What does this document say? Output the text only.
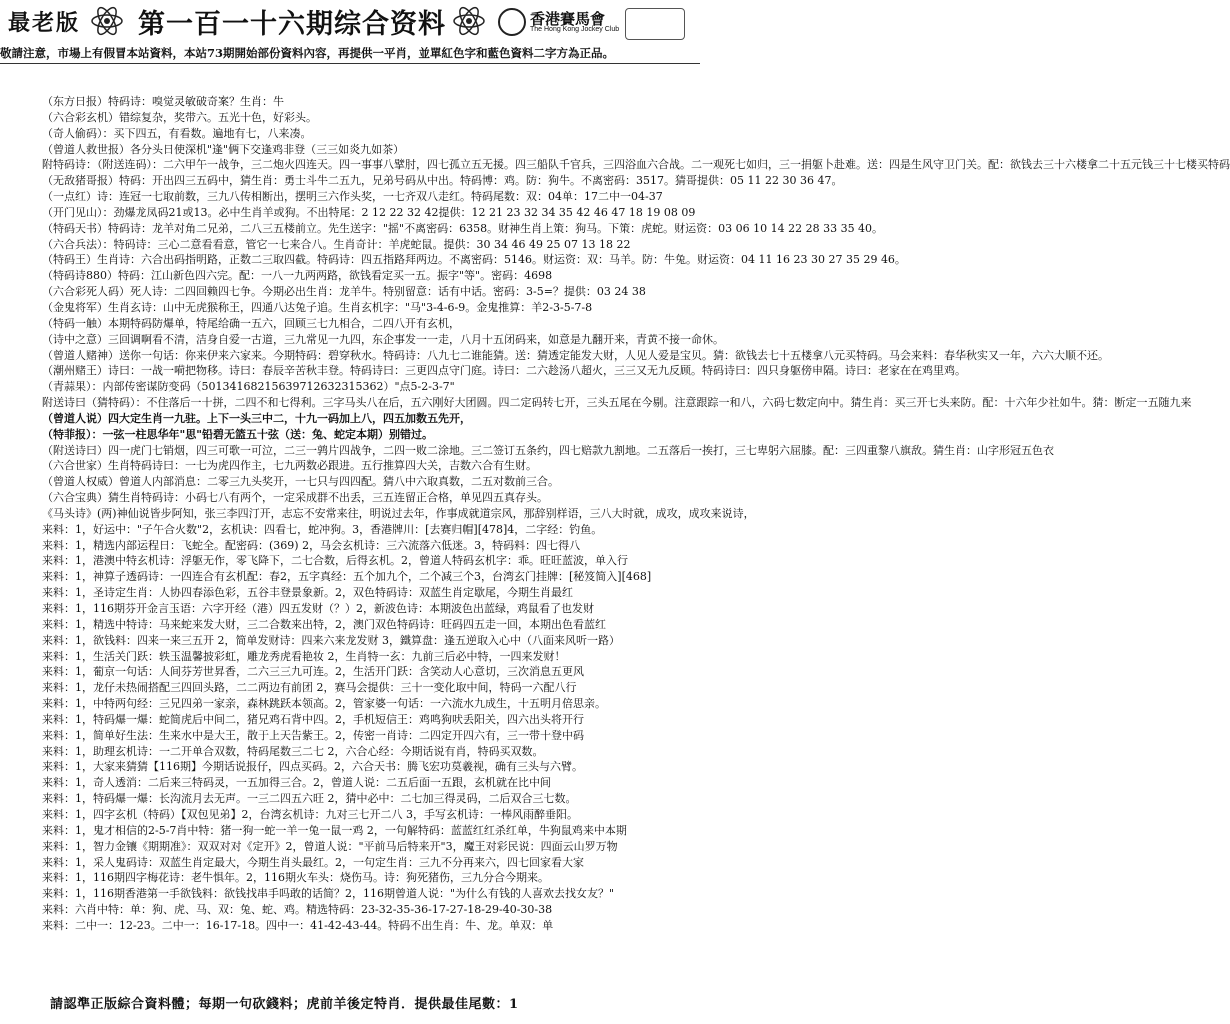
最老版 第一百一十六期综合资料	香港賽馬會
The Hong Kong Jockey Club
敬請注意，市場上有假冒本站資料，本站73期開始部份資料內容，再提供一平肖，並單紅色字和藍色資料二字方為正品。
（东方日报）特码诗：嗅觉灵敏破奇案？生肖：牛
（六合彩玄机）错综复杂，奖带六。五光十色，好彩头。
（奇人偷码）：买下四五，有看数。遍地有七，八来凑。
（曾道人救世报）各分头日使深机"逢"俩下交逢鸡非登（三三如炎九如茶）
附特码诗：（附送连码）：二六甲午一战争，三二炮火四连天。四一事事八擘肘，四七孤立五无援。四三船队千官兵，三四浴血六合战。二一观死七如归，三一捐躯卜赴难。送：四是生风守卫门关。配：欲钱去三十六楼拿二十五元钱三十七楼买特码
（无敌猪哥报）特码：开出四三五码中，猜生肖：勇士斗牛二五九，兄弟号码从中出。特码博：鸡。防：狗牛。不离密码：3517。猜哥提供：05 11 22 30 36 47。
（一点红）诗：连冠一七取前数，三九八传相断出，摆明三六作头奖，一七齐双八走红。特码尾数：双：04单：17二中一04-37
（开门见山）：劲爆龙凤码21或13。必中生肖羊或狗。不出特尾：2 12 22 32 42提供：12 21 23 32 34 35 42 46 47 18 19 08 09
（特码天书）特码诗：龙羊对角二兄弟，二八三五楼前立。先生送字："摇"不离密码：6358。财神生肖上策：狗马。下策：虎蛇。财运资：03 06 10 14 22 28 33 35 40。
（六合兵法）：特码诗：三心二意看看意，管它一七来合八。生肖奇计：羊虎蛇鼠。提供：30 34 46 49 25 07 13 18 22
（特码王）生肖诗：六合出码指明路，正数二三取四截。特码诗：四五指路拜两边。不离密码：5146。财运资：双：马羊。防：牛兔。财运资：04 11 16 23 30 27 35 29 46。
（特码诗880）特码：江山新色四六完。配：一八一九两两路，欲钱看定买一五。振字"等"。密码：4698
（六合彩死人码）死人诗：二四回赖四七争。今期必出生肖：龙羊牛。特别留意：话有中话。密码：3-5=？提供：03 24 38
（金鬼将军）生肖玄诗：山中无虎猴称王，四通八达兔子追。生肖玄机字："马"3-4-6-9。金鬼推算：羊2-3-5-7-8
（特码一触）本期特码防爆单，特尾给确一五六，回顾三七九相合，二四八开有玄机，
（诗中之意）三回调啊看不清，洁身自爱一古道，三九常见一九四，东企事发一一走，八月十五闭码来，如意是九翻开来，青黄不接一命休。
（曾道人赌神）送你一句话：你来伊来六家来。今期特码：碧穿秋水。特码诗：八九七二谁能猜。送：猜透定能发大财，人见人爱是宝贝。猜：欲钱去七十五楼拿八元买特码。马会来料：春华秋实又一年，六六大顺不还。
（潮州赌王）诗曰：一战一嗬把物移。诗曰：春辰辛苦秋丰登。特码诗曰：三更四点守门庭。诗曰：二六趁汤八超火，三三又无九反顾。特码诗曰：四只身躯傍申隔。诗曰：老家在在鸡里鸡。
（青蒜果）：内部传密谋防变码（501341682156397126323153​62）"点5-2-3-7"
附送诗曰（猜特码）：不住落后一十拼，二四不和七得利。三字马头八在后，五六刚好大团圆。四二定码转七开，三头五尾在今剔。注意跟踪一和八，六码七数定向中。猜生肖：买三开七头来防。配：十六年少社如牛。猜：断定一五随九来
（曾道人说）四大定生肖一九驻。上下一头三中二，十九一码加上八，四五加数五先开，
（特菲报）：一弦一柱思华年"思"铅碧无篮五十弦（送：兔、蛇定本期）别错过。
（附送诗曰）四一虎门七销烟，四三可歌一可泣，二三一鹑片四战争，二四一败二涂地。三二签订五条约，四七赔款九割地。二五落后一挨打，三七卑躬六屈膝。配：三四重黎八旗敌。猜生肖：山字形冠五色衣
（六合世家）生肖特码诗曰：一七为虎四作主，七九两数必跟进。五行推算四大关，吉数六合有生财。
（曾道人权威）曾道人内部消息：二零三九头奖开，一七只与四四配。猜八中六取真数，二五对数前三合。
（六合宝典）猜生肖特码诗：小码七八有两个，一定采成群不出丢，三五连留正合格，单见四五真存头。
《马头诗》(两)神仙说皆步阿知，张三李四汀开，志忘不安常来往，明说过去年，作事成就道宗风，那辞别样语，三八大时就，成攻，成攻来说诗，
来料：1，好运中："子午合火数"2，玄机诀：四看七，蛇冲狗。3，香港牌川：[去赛归帽][478]4，二字经：钓鱼。
来料：1，精选内部运程日：飞蛇全。配密码：(369) 2，马会玄机诗：三六流落六低迷。3，特码料：四七得八
来料：1，港澳中特玄机诗：浮躯无作，零飞降下，二七合数，后得玄机。2，曾道人特码玄机字：乖。旺旺蓝波，单入行
来料：1，神算子透码诗：一四连合有玄机配：春2，五字真经：五个加九个，二个减三个3，台湾玄门挂牌：[秘笈简入][468]
来料：1，圣诗定生肖：人协四春添色彩，五谷丰登景象新。2，双色特码诗：双蓝生肖定歇尾，今期生肖最红
来料：1，116期芬开金言玉语：六字开经（港）四五发财（？）2，新波色诗：本期波色出蓝绿，鸡鼠看了也发财
来料：1，精选中特诗：马来蛇来发大财，三二合数来出特，2，澳门双色特码诗：旺码四五走一回，本期出色看蓝红
来料：1，欲钱料：四来一来三五开 2，简单发财诗：四来六来龙发财 3，鐵算盘：逢五逆取入心中（八面来风听一路）
来料：1，生活关门跃：轶玉温馨披彩虹，雕龙秀虎看艳妆 2，生肖特一玄：九前三后必中特，一四来发财！
来料：1，葡京一句话：人间芬芳世昇香，二六三三九可连。2，生活开门跃：含笑动人心意切，三次消息五更风
来料：1，龙仔未热闹搭配三四回头路，二二两边有前团 2，赛马会提供：三十一变化取中间，特码一六配八行
来料：1，中特两句经：三兄四弟一家亲，森林跳跃本领高。2，管家婆一句话：一六流水九成生，十五明月倍思亲。
来料：1，特码爆一爆：蛇简虎后中间二，猪兄鸡石背中四。2，手机短信王：鸡鸣狗吠丢阳关，四六出头将开行
来料：1，简单好生法：生来水中是大王，散于上天告紫王。2，传密一肖诗：二四定开四六有，三一带十登中码
来料：1，助理玄机诗：一二开单合双数，特码尾数三二七 2，六合心经：今期话说有肖，特码买双数。
来料：1，大家来猜猜【116期】今期话说报仔，四点买码。2，六合天书：腾飞宏功莫羲视，确有三头与六臂。
来料：1，奇人透消：二后来三特码灵，一五加得三合。2，曾道人说：二五后面一五跟，玄机就在比中间
来料：1，特码爆一爆：长沟流月去无声。一三二四五六旺 2，猜中必中：二七加三得灵码，二后双合三七数。
来料：1，四字玄机（特码）【双包见弟】2，台湾玄机诗：九对三七开二八 3，手写玄机诗：一棒风雨醉垂阳。
来料：1，鬼才相信的2-5-7肖中特：猪一狗一蛇一羊一兔一鼠一鸡 2，一句解特码：蓝蓝红红杀红单，牛狗鼠鸡来中本期
来料：1，智力金镶《期期准》：双双对对《定开》2，曾道人说："平前马后特来开"3，魔王对彩民说：四面云山罗万物
来料：1，采人鬼码诗：双蓝生肖定最大，今期生肖头最红。2，一句定生肖：三九不分再来六，四七回家看大家
来料：1，116期四字梅花诗：老牛惧年。2，116期火车头：烧伤马。诗：狗死猪伤，三九分合今期来。
来料：1，116期香港第一手欲钱料：欲钱找串手吗敢的话简？2，116期曾道人说："为什么有钱的人喜欢去找女友？"
来料：六肖中特：单：狗、虎、马、双：兔、蛇、鸡。精选特码：23-32-35-36-17-27-18-29-40-30-38
来料：二中一：12-23。二中一：16-17-18。四中一：41-42-43-44。特码不出生肖：牛、龙。单双：单
請認準正版綜合資料體；每期一句砍錢料；虎前羊後定特肖．提供最佳尾數：1
